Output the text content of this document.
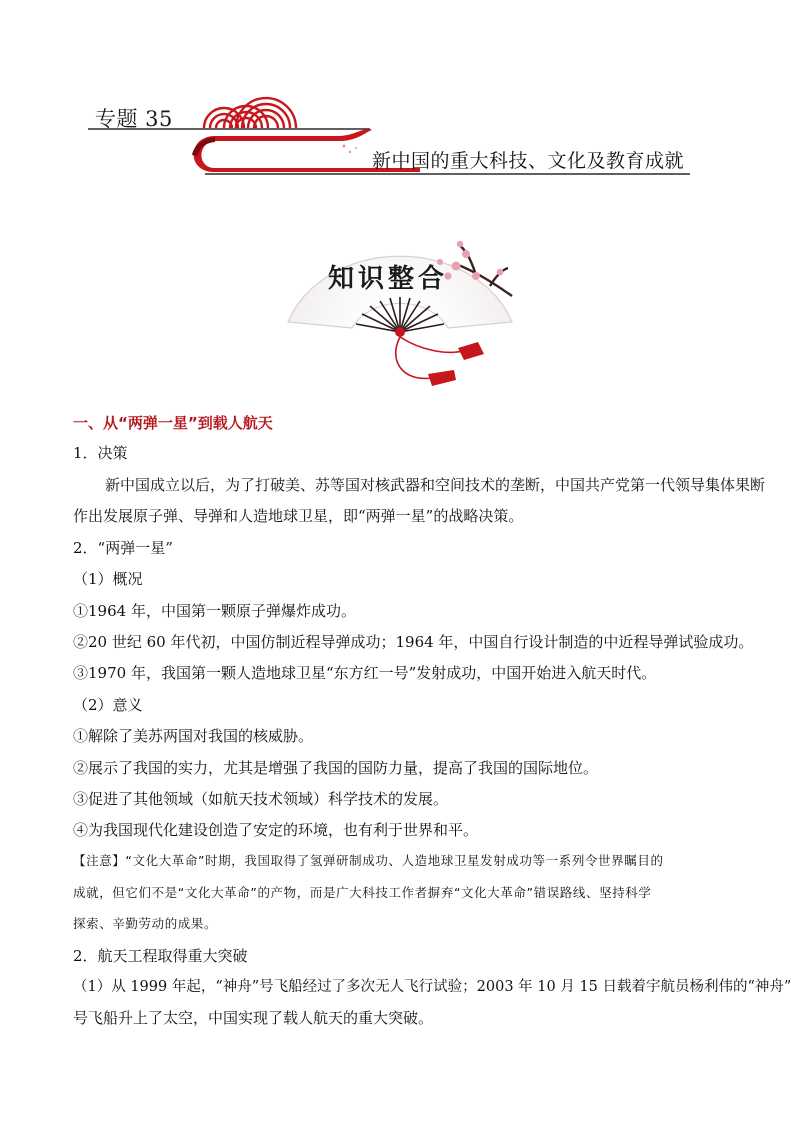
专题 35
新中国的重大科技、文化及教育成就
知识整合
一、从“两弹一星”到载人航天
1．决策
新中国成立以后，为了打破美、苏等国对核武器和空间技术的垄断，中国共产党第一代领导集体果断
作出发展原子弹、导弹和人造地球卫星，即“两弹一星”的战略决策。
2．“两弹一星”
（1）概况
①1964 年，中国第一颗原子弹爆炸成功。
②20 世纪 60 年代初，中国仿制近程导弹成功；1964 年，中国自行设计制造的中近程导弹试验成功。
③1970 年，我国第一颗人造地球卫星“东方红一号”发射成功，中国开始进入航天时代。
（2）意义
①解除了美苏两国对我国的核威胁。
②展示了我国的实力，尤其是增强了我国的国防力量，提高了我国的国际地位。
③促进了其他领域（如航天技术领域）科学技术的发展。
④为我国现代化建设创造了安定的环境，也有利于世界和平。
【注意】“文化大革命”时期，我国取得了氢弹研制成功、人造地球卫星发射成功等一系列令世界瞩目的
成就，但它们不是“文化大革命”的产物，而是广大科技工作者摒弃“文化大革命”错误路线、坚持科学
探索、辛勤劳动的成果。
2．航天工程取得重大突破
（1）从 1999 年起，“神舟”号飞船经过了多次无人飞行试验；2003 年 10 月 15 日载着宇航员杨利伟的“神舟”
号飞船升上了太空，中国实现了载人航天的重大突破。
